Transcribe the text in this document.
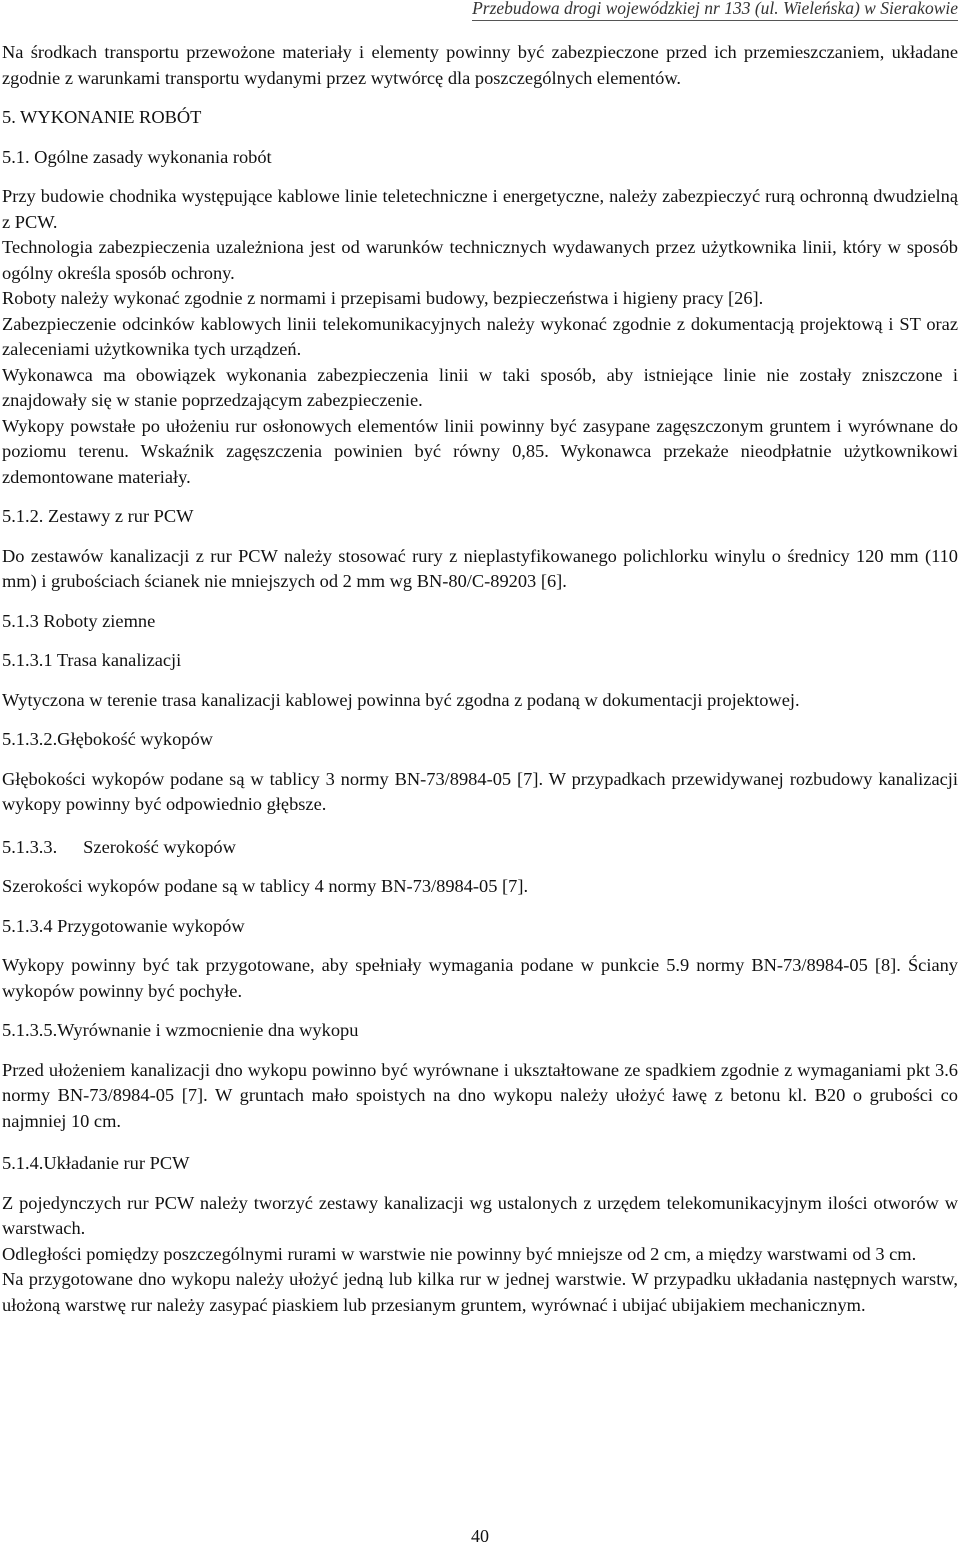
Przebudowa drogi wojewódzkiej nr 133 (ul. Wieleńska) w Sierakowie

Na środkach transportu przewożone materiały i elementy powinny być zabezpieczone przed ich przemieszczaniem, układane zgodnie z warunkami transportu wydanymi przez wytwórcę dla poszczególnych elementów.

5. WYKONANIE ROBÓT

5.1. Ogólne zasady wykonania robót

Przy budowie chodnika występujące kablowe linie teletechniczne i energetyczne, należy zabezpieczyć rurą ochronną dwudzielną z PCW.

Technologia zabezpieczenia uzależniona jest od warunków technicznych wydawanych przez użytkownika linii, który w sposób ogólny określa sposób ochrony.

Roboty należy wykonać zgodnie z normami i przepisami budowy, bezpieczeństwa i higieny pracy [26].

Zabezpieczenie odcinków kablowych linii telekomunikacyjnych należy wykonać zgodnie z dokumentacją projektową i ST oraz zaleceniami użytkownika tych urządzeń.

Wykonawca ma obowiązek wykonania zabezpieczenia linii w taki sposób, aby istniejące linie nie zostały zniszczone i znajdowały się w stanie poprzedzającym zabezpieczenie.

Wykopy powstałe po ułożeniu rur osłonowych elementów linii powinny być zasypane zagęszczonym gruntem i wyrównane do poziomu terenu. Wskaźnik zagęszczenia powinien być równy 0,85. Wykonawca przekaże nieodpłatnie użytkownikowi zdemontowane materiały.

5.1.2. Zestawy z rur PCW

Do zestawów kanalizacji z rur PCW należy stosować rury z nieplastyfikowanego polichlorku winylu o średnicy 120 mm (110 mm) i grubościach ścianek nie mniejszych od 2 mm wg BN-80/C-89203 [6].

5.1.3 Roboty ziemne

5.1.3.1 Trasa kanalizacji

Wytyczona w terenie trasa kanalizacji kablowej powinna być zgodna z podaną w dokumentacji projektowej.

5.1.3.2.Głębokość wykopów

Głębokości wykopów podane są w tablicy 3 normy BN-73/8984-05 [7]. W przypadkach przewidywanej rozbudowy kanalizacji wykopy powinny być odpowiednio głębsze.

5.1.3.3. Szerokość wykopów

Szerokości wykopów podane są w tablicy 4 normy BN-73/8984-05 [7].

5.1.3.4 Przygotowanie wykopów

Wykopy powinny być tak przygotowane, aby spełniały wymagania podane w punkcie 5.9 normy BN-73/8984-05 [8]. Ściany wykopów powinny być pochyłe.

5.1.3.5.Wyrównanie i wzmocnienie dna wykopu

Przed ułożeniem kanalizacji dno wykopu powinno być wyrównane i ukształtowane ze spadkiem zgodnie z wymaganiami pkt 3.6 normy BN-73/8984-05 [7]. W gruntach mało spoistych na dno wykopu należy ułożyć ławę z betonu kl. B20 o grubości co najmniej 10 cm.

5.1.4.Układanie rur PCW

Z pojedynczych rur PCW należy tworzyć zestawy kanalizacji wg ustalonych z urzędem telekomunikacyjnym ilości otworów w warstwach.

Odległości pomiędzy poszczególnymi rurami w warstwie nie powinny być mniejsze od 2 cm, a między warstwami od 3 cm.

Na przygotowane dno wykopu należy ułożyć jedną lub kilka rur w jednej warstwie. W przypadku układania następnych warstw, ułożoną warstwę rur należy zasypać piaskiem lub przesianym gruntem, wyrównać i ubijać ubijakiem mechanicznym.

40
